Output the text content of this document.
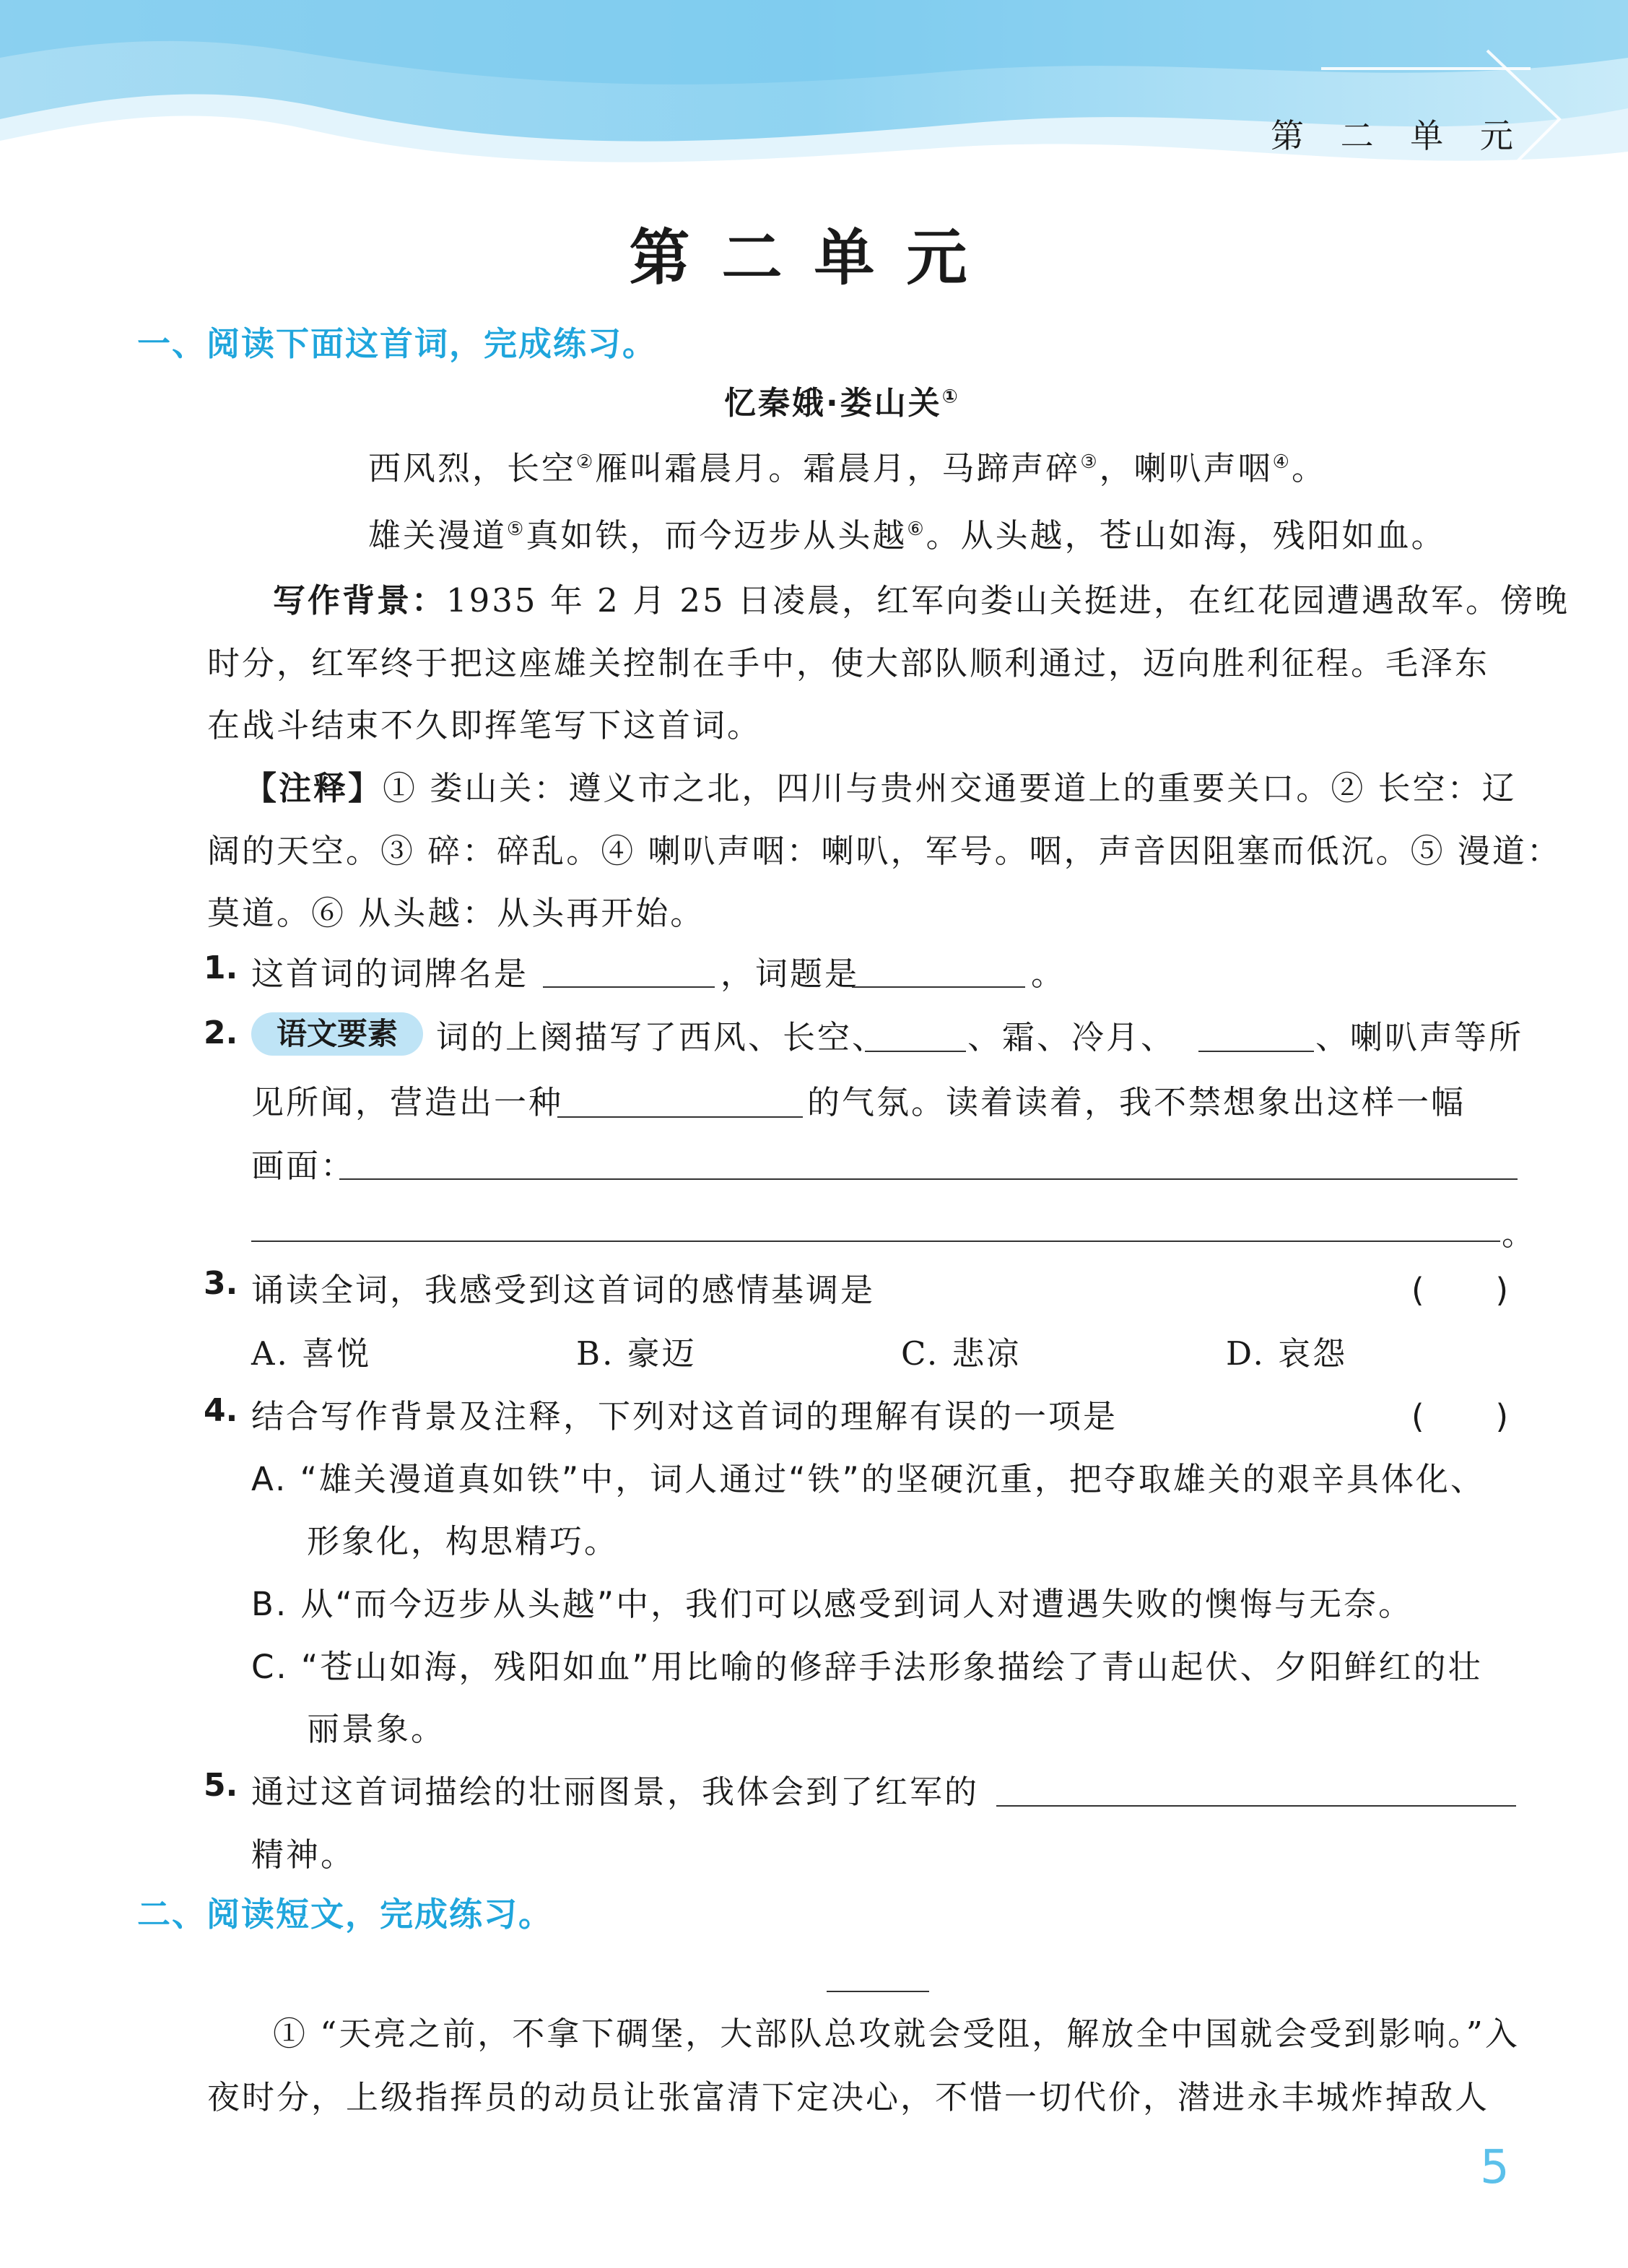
第 二 单 元
第二单元
一、阅读下面这首词，完成练习。
忆秦娥·娄山关①
西风烈，长空②雁叫霜晨月。霜晨月，马蹄声碎③，喇叭声咽④。
雄关漫道⑤真如铁，而今迈步从头越⑥。从头越，苍山如海，残阳如血。
写作背景：1935 年 2 月 25 日凌晨，红军向娄山关挺进，在红花园遭遇敌军。傍晚
时分，红军终于把这座雄关控制在手中，使大部队顺利通过，迈向胜利征程。毛泽东
在战斗结束不久即挥笔写下这首词。
【注释】① 娄山关：遵义市之北，四川与贵州交通要道上的重要关口。② 长空：辽
阔的天空。③ 碎：碎乱。④ 喇叭声咽：喇叭，军号。咽，声音因阻塞而低沉。⑤ 漫道：
莫道。⑥ 从头越：从头再开始。
1. 这首词的词牌名是	，词题是	。
2.	语文要素	词的上阕描写了西风、长空、 、霜、冷月、	、喇叭声等所
见所闻，营造出一种	的气氛。读着读着，我不禁想象出这样一幅
画面：
。
3. 诵读全词，我感受到这首词的感情基调是	(　　)
A. 喜悦	B. 豪迈	C. 悲凉	D. 哀怨
4. 结合写作背景及注释，下列对这首词的理解有误的一项是	(　　)
A. “雄关漫道真如铁”中，词人通过“铁”的坚硬沉重，把夺取雄关的艰辛具体化、
形象化，构思精巧。
B. 从“而今迈步从头越”中，我们可以感受到词人对遭遇失败的懊悔与无奈。
C. “苍山如海，残阳如血”用比喻的修辞手法形象描绘了青山起伏、夕阳鲜红的壮
丽景象。
5. 通过这首词描绘的壮丽图景，我体会到了红军的
精神。
二、阅读短文，完成练习。
① “天亮之前，不拿下碉堡，大部队总攻就会受阻，解放全中国就会受到影响。”入
夜时分，上级指挥员的动员让张富清下定决心，不惜一切代价，潜进永丰城炸掉敌人
5
